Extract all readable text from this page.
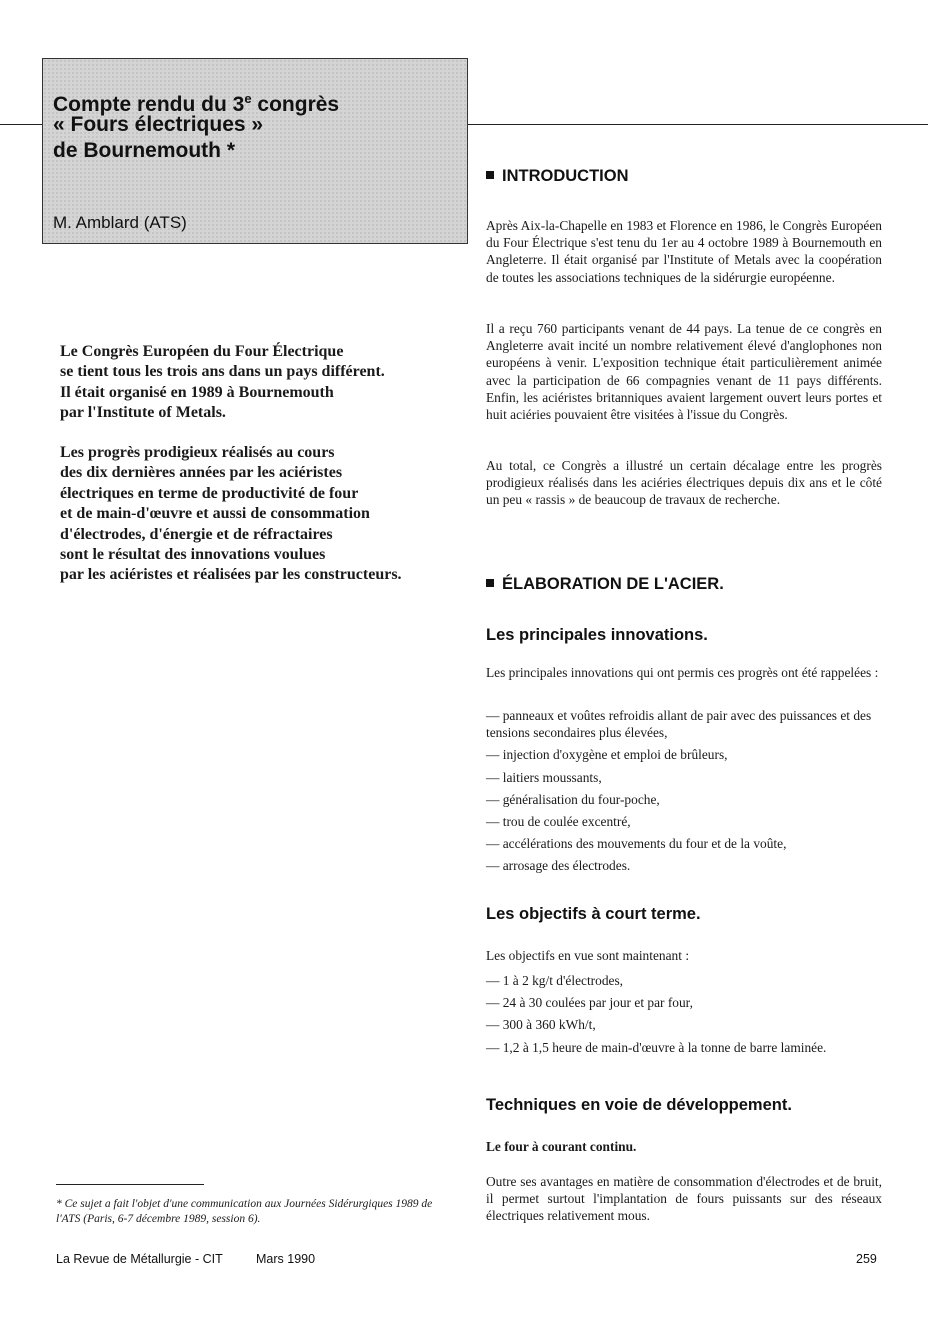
Compte rendu du 3e congrès
« Fours électriques »
de Bournemouth *
M. Amblard (ATS)

Le Congrès Européen du Four Électrique
se tient tous les trois ans dans un pays différent.
Il était organisé en 1989 à Bournemouth
par l'Institute of Metals.

Les progrès prodigieux réalisés au cours
des dix dernières années par les aciéristes
électriques en terme de productivité de four
et de main-d'œuvre et aussi de consommation
d'électrodes, d'énergie et de réfractaires
sont le résultat des innovations voulues
par les aciéristes et réalisées par les constructeurs.

INTRODUCTION

Après Aix-la-Chapelle en 1983 et Florence en 1986, le Congrès Européen du Four Électrique s'est tenu du 1er au 4 octobre 1989 à Bournemouth en Angleterre. Il était organisé par l'Institute of Metals avec la coopération de toutes les associations techniques de la sidérurgie européenne.

Il a reçu 760 participants venant de 44 pays. La tenue de ce congrès en Angleterre avait incité un nombre relativement élevé d'anglophones non européens à venir. L'exposition technique était particulièrement animée avec la participation de 66 compagnies venant de 11 pays différents. Enfin, les aciéristes britanniques avaient largement ouvert leurs portes et huit aciéries pouvaient être visitées à l'issue du Congrès.

Au total, ce Congrès a illustré un certain décalage entre les progrès prodigieux réalisés dans les aciéries électriques depuis dix ans et le côté un peu « rassis » de beaucoup de travaux de recherche.

ÉLABORATION DE L'ACIER.
Les principales innovations.

Les principales innovations qui ont permis ces progrès ont été rappelées :

— panneaux et voûtes refroidis allant de pair avec des puissances et des tensions secondaires plus élevées,
— injection d'oxygène et emploi de brûleurs,
— laitiers moussants,
— généralisation du four-poche,
— trou de coulée excentré,
— accélérations des mouvements du four et de la voûte,
— arrosage des électrodes.
Les objectifs à court terme.

Les objectifs en vue sont maintenant :

— 1 à 2 kg/t d'électrodes,
— 24 à 30 coulées par jour et par four,
— 300 à 360 kWh/t,
— 1,2 à 1,5 heure de main-d'œuvre à la tonne de barre laminée.
Techniques en voie de développement.
Le four à courant continu.

Outre ses avantages en matière de consommation d'électrodes et de bruit, il permet surtout l'implantation de fours puissants sur des réseaux électriques relativement mous.

* Ce sujet a fait l'objet d'une communication aux Journées Sidérurgiques 1989 de l'ATS (Paris, 6-7 décembre 1989, session 6).

La Revue de Métallurgie - CIT	Mars 1990	259
